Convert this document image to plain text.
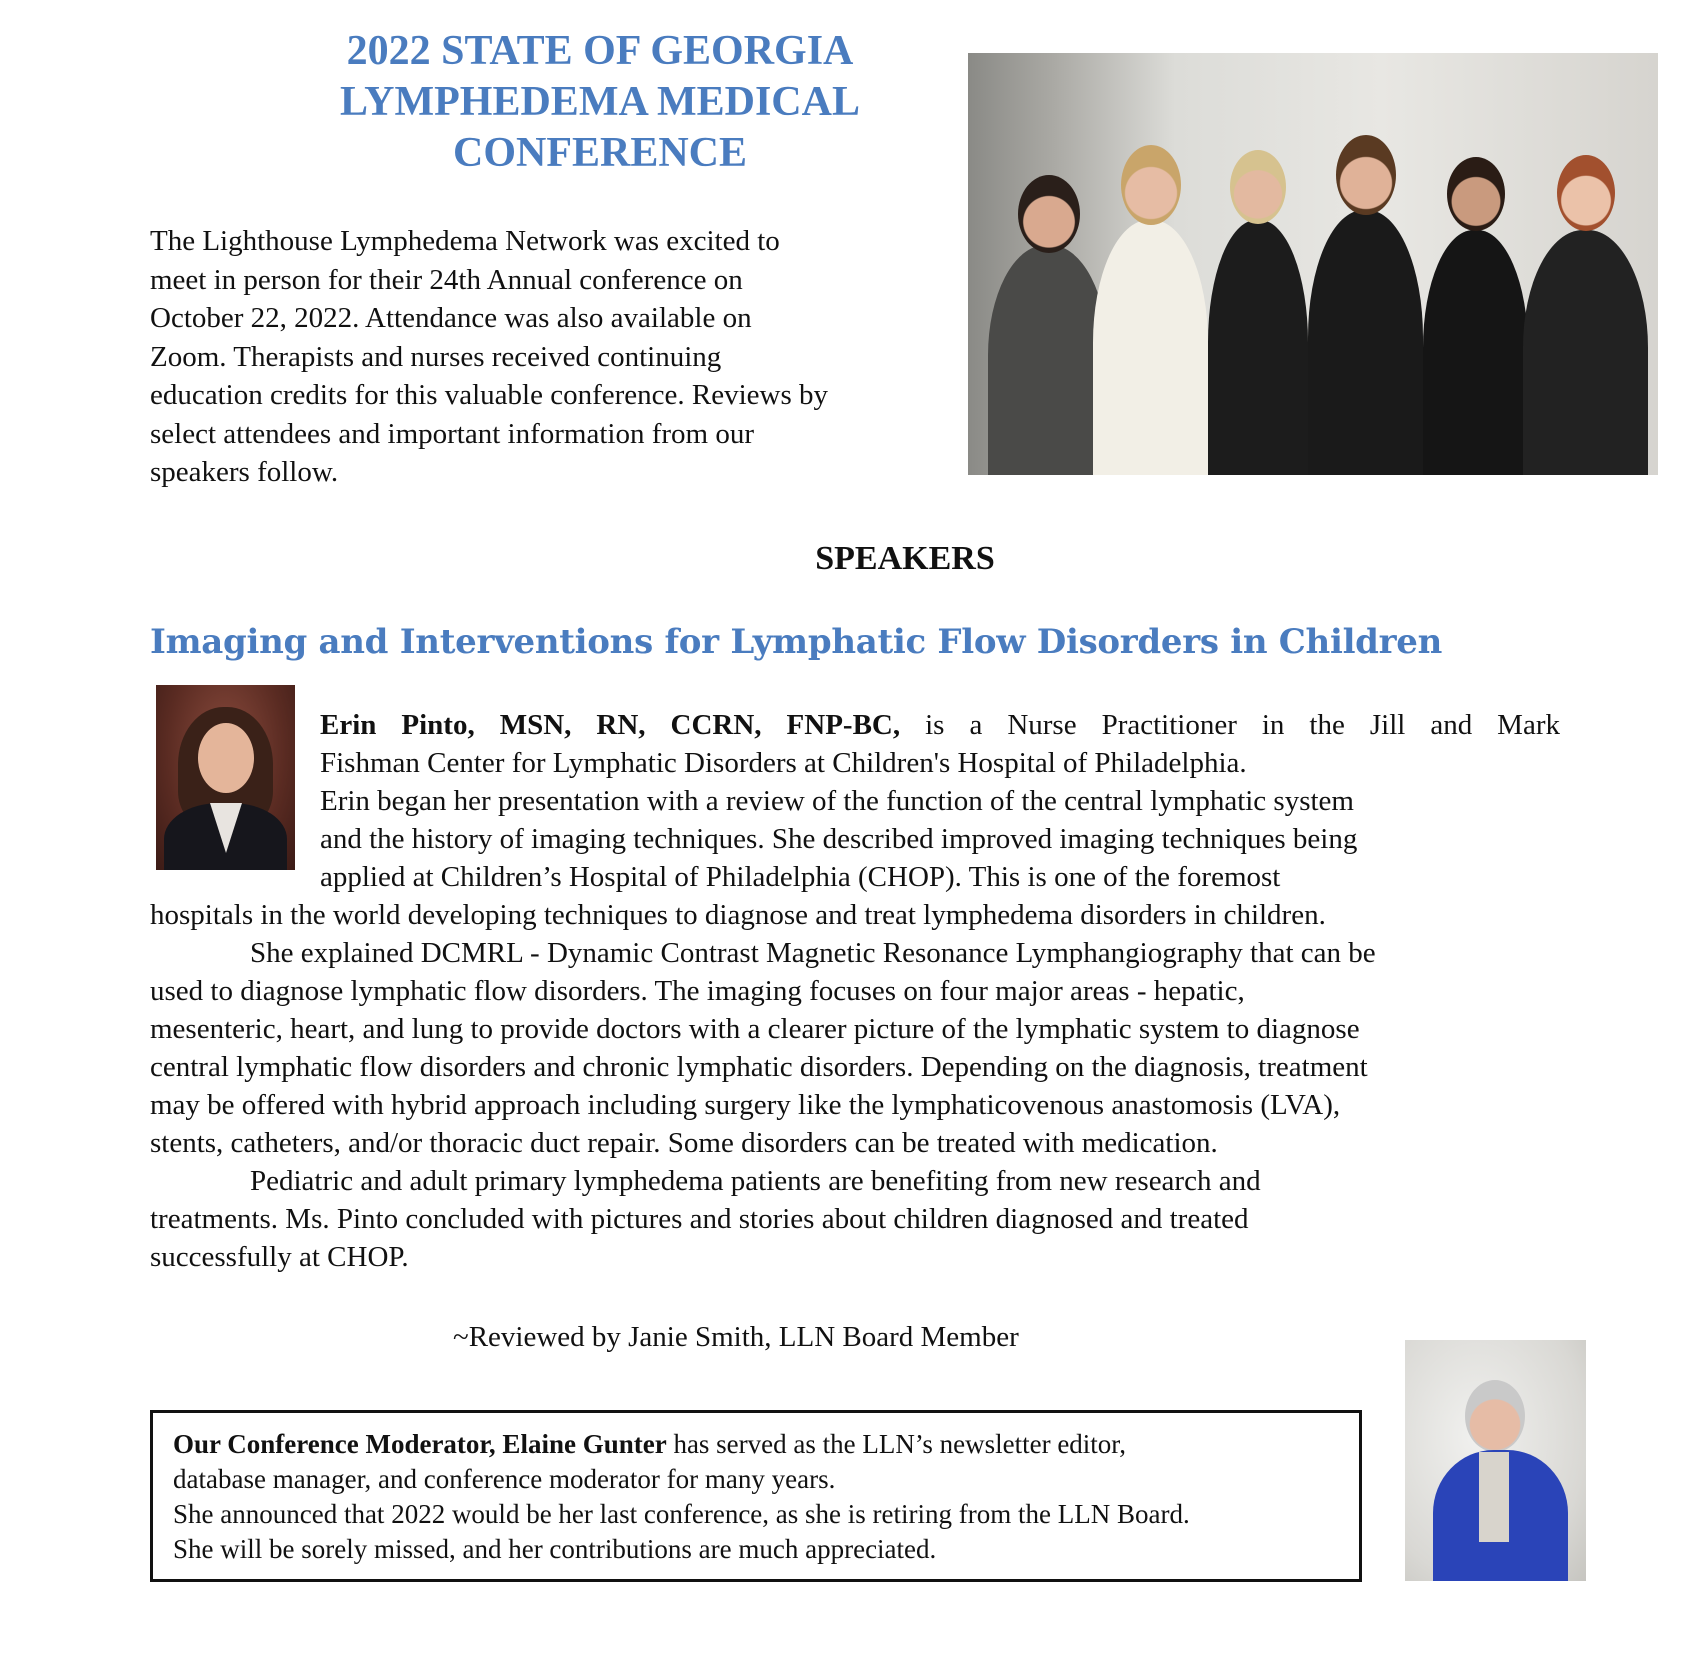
2022 STATE OF GEORGIA
LYMPHEDEMA MEDICAL
CONFERENCE
The Lighthouse Lymphedema Network was excited to
meet in person for their 24th Annual conference on
October 22, 2022. Attendance was also available on
Zoom. Therapists and nurses received continuing
education credits for this valuable conference. Reviews by
select attendees and important information from our
speakers follow.
SPEAKERS
Imaging and Interventions for Lymphatic Flow Disorders in Children
Erin Pinto, MSN, RN, CCRN, FNP-BC, is a Nurse Practitioner in the Jill and Mark
Fishman Center for Lymphatic Disorders at Children's Hospital of Philadelphia.
Erin began her presentation with a review of the function of the central lymphatic system
and the history of imaging techniques. She described improved imaging techniques being
applied at Children’s Hospital of Philadelphia (CHOP). This is one of the foremost
hospitals in the world developing techniques to diagnose and treat lymphedema disorders in children.
She explained DCMRL - Dynamic Contrast Magnetic Resonance Lymphangiography that can be
used to diagnose lymphatic flow disorders. The imaging focuses on four major areas - hepatic,
mesenteric, heart, and lung to provide doctors with a clearer picture of the lymphatic system to diagnose
central lymphatic flow disorders and chronic lymphatic disorders. Depending on the diagnosis, treatment
may be offered with hybrid approach including surgery like the lymphaticovenous anastomosis (LVA),
stents, catheters, and/or thoracic duct repair. Some disorders can be treated with medication.
Pediatric and adult primary lymphedema patients are benefiting from new research and
treatments. Ms. Pinto concluded with pictures and stories about children diagnosed and treated
successfully at CHOP.
~Reviewed by Janie Smith, LLN Board Member
Our Conference Moderator, Elaine Gunter has served as the LLN’s newsletter editor,
database manager, and conference moderator for many years.
She announced that 2022 would be her last conference, as she is retiring from the LLN Board.
She will be sorely missed, and her contributions are much appreciated.
